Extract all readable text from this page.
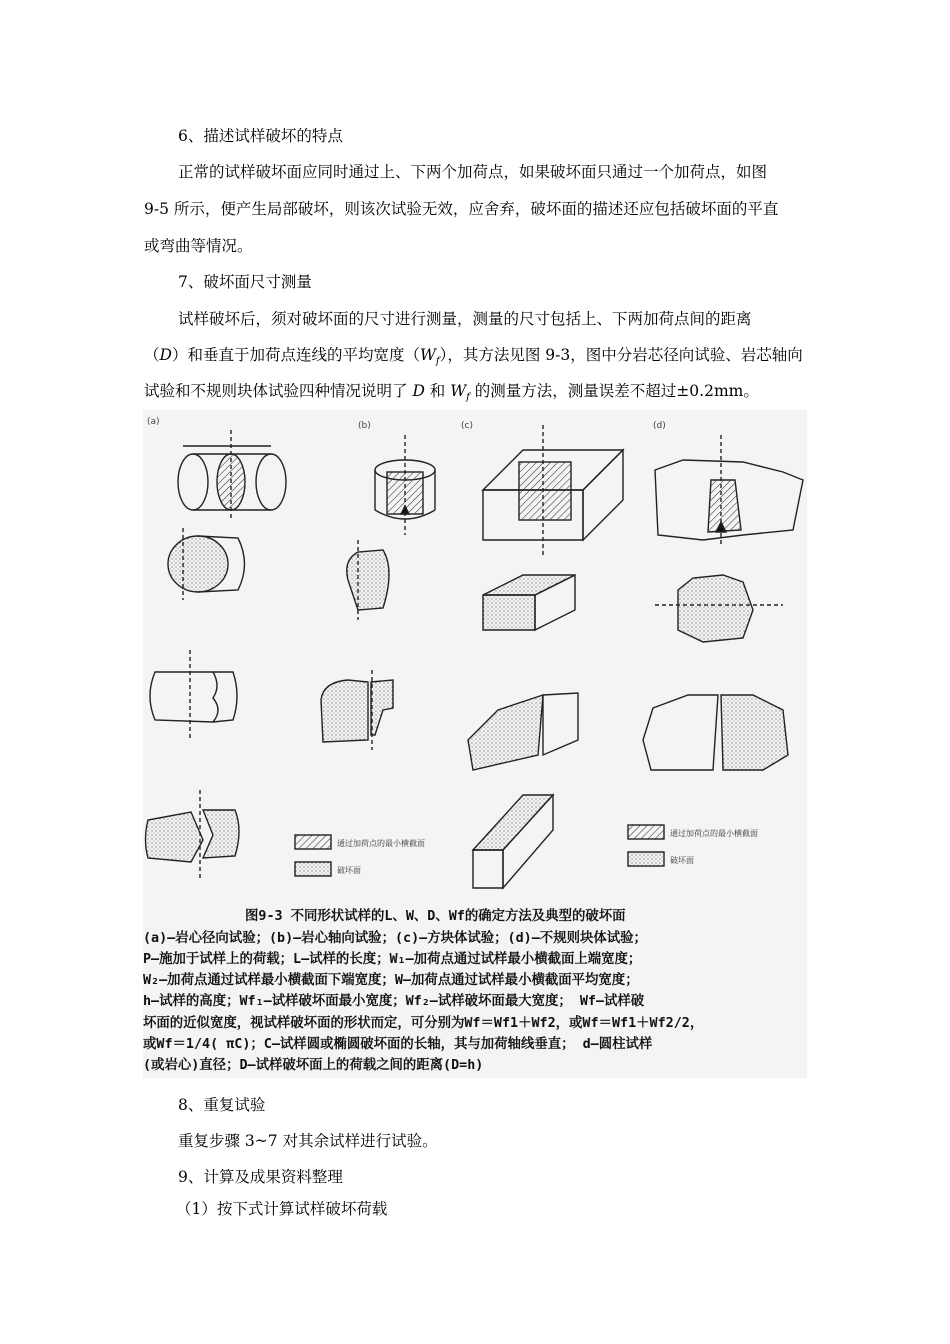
6、描述试样破坏的特点
正常的试样破坏面应同时通过上、下两个加荷点，如果破坏面只通过一个加荷点，如图
9-5 所示，便产生局部破坏，则该次试验无效，应舍弃，破坏面的描述还应包括破坏面的平直
或弯曲等情况。
7、破坏面尺寸测量
试样破坏后，须对破坏面的尺寸进行测量，测量的尺寸包括上、下两加荷点间的距离
（D）和垂直于加荷点连线的平均宽度$(W_f)$，其方法见图 9-3，图中分岩芯径向试验、岩芯轴向
试验和不规则块体试验四种情况说明了 D 和 $W_f$ 的测量方法，测量误差不超过±0.2mm。
(a)	(b)	(c)	(d)
通过加荷点的最小横截面
破坏面
通过加荷点的最小横截面
破坏面
图9-3 不同形状试样的L、W、D、Wf的确定方法及典型的破坏面
(a)—岩心径向试验；(b)—岩心轴向试验；(c)—方块体试验；(d)—不规则块体试验；
P—施加于试样上的荷载；L—试样的长度；W₁—加荷点通过试样最小横截面上端宽度；
W₂—加荷点通过试样最小横截面下端宽度；W—加荷点通过试样最小横截面平均宽度；
h—试样的高度；Wf₁—试样破坏面最小宽度；Wf₂—试样破坏面最大宽度； Wf—试样破
坏面的近似宽度，视试样破坏面的形状而定，可分别为Wf＝Wf1＋Wf2，或Wf＝Wf1＋Wf2/2，
或Wf＝1/4( πC)；C—试样圆或椭圆破坏面的长轴，其与加荷轴线垂直； d—圆柱试样
(或岩心)直径；D—试样破坏面上的荷载之间的距离(D=h)
8、重复试验
重复步骤 3~7 对其余试样进行试验。
9、计算及成果资料整理
（1）按下式计算试样破坏荷载
